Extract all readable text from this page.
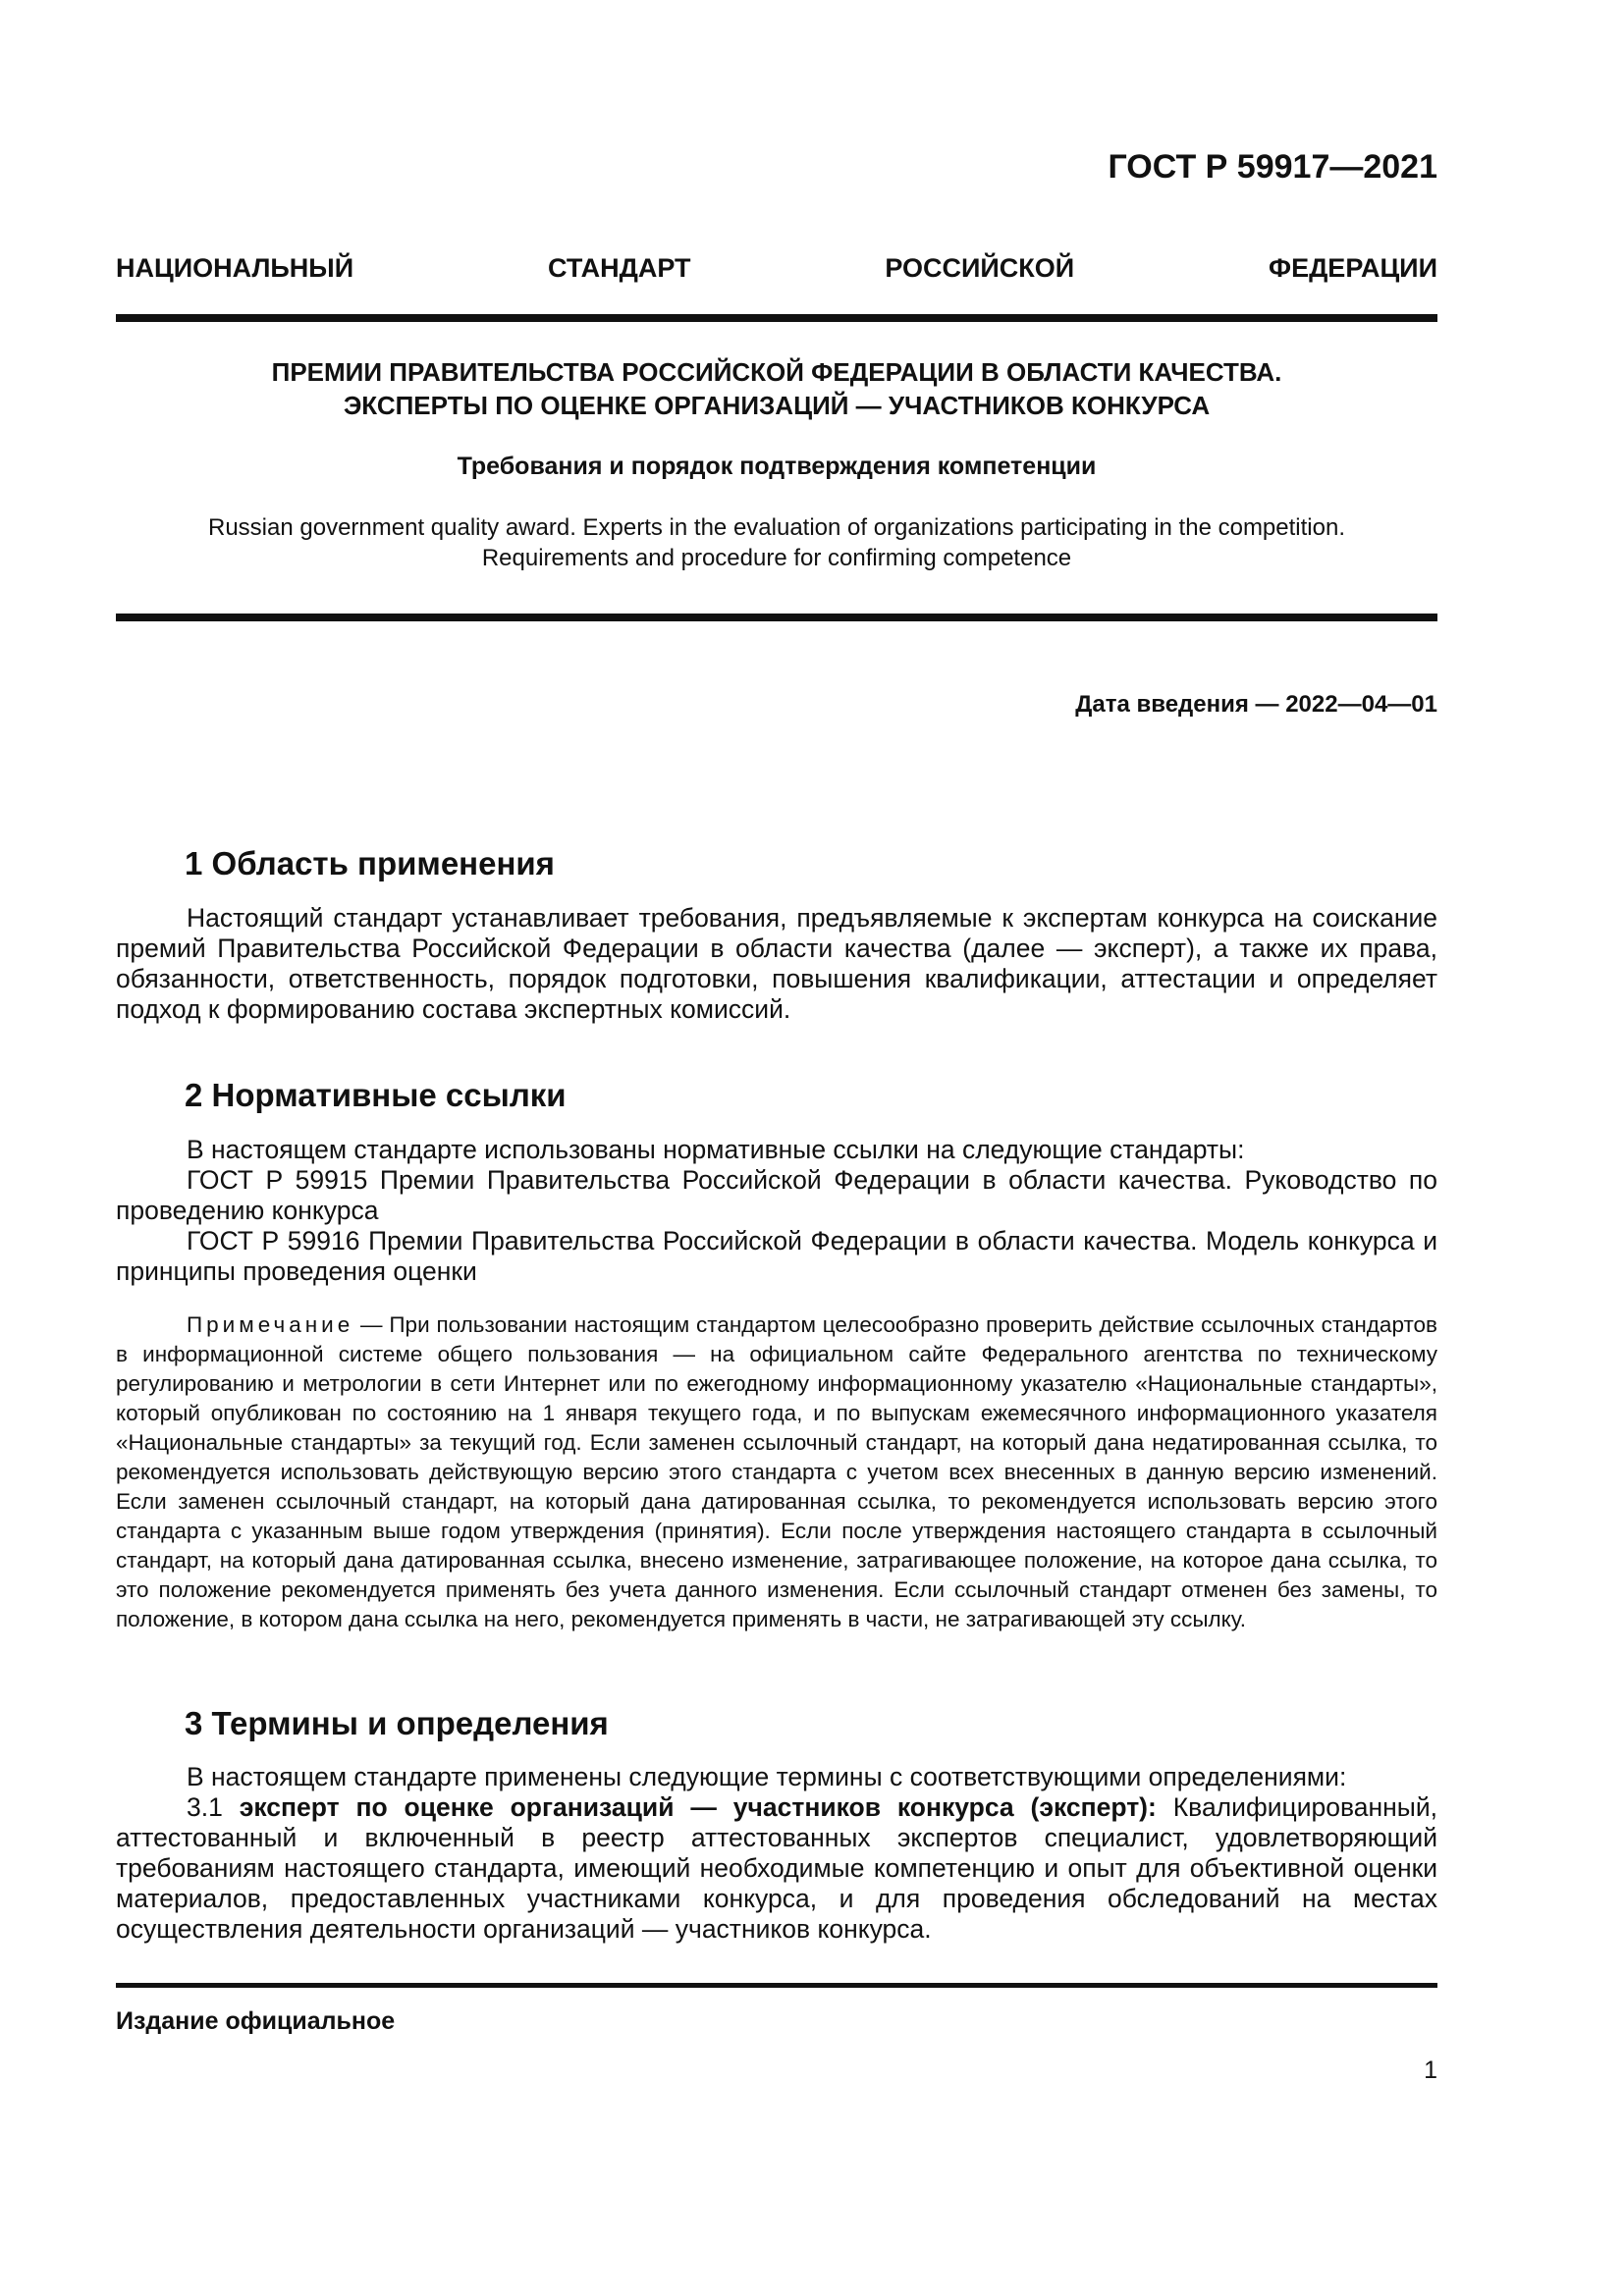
ГОСТ Р 59917—2021
НАЦИОНАЛЬНЫЙ СТАНДАРТ РОССИЙСКОЙ ФЕДЕРАЦИИ
ПРЕМИИ ПРАВИТЕЛЬСТВА РОССИЙСКОЙ ФЕДЕРАЦИИ В ОБЛАСТИ КАЧЕСТВА.
ЭКСПЕРТЫ ПО ОЦЕНКЕ ОРГАНИЗАЦИЙ — УЧАСТНИКОВ КОНКУРСА
Требования и порядок подтверждения компетенции
Russian government quality award. Experts in the evaluation of organizations participating in the competition.
Requirements and procedure for confirming competence
Дата введения — 2022—04—01
1 Область применения

Настоящий стандарт устанавливает требования, предъявляемые к экспертам конкурса на соискание премий Правительства Российской Федерации в области качества (далее — эксперт), а также их права, обязанности, ответственность, порядок подготовки, повышения квалификации, аттестации и определяет подход к формированию состава экспертных комиссий.

2 Нормативные ссылки

В настоящем стандарте использованы нормативные ссылки на следующие стандарты:

ГОСТ Р 59915 Премии Правительства Российской Федерации в области качества. Руководство по проведению конкурса

ГОСТ Р 59916 Премии Правительства Российской Федерации в области качества. Модель конкурса и принципы проведения оценки

Примечание — При пользовании настоящим стандартом целесообразно проверить действие ссылочных стандартов в информационной системе общего пользования — на официальном сайте Федерального агентства по техническому регулированию и метрологии в сети Интернет или по ежегодному информационному указателю «Национальные стандарты», который опубликован по состоянию на 1 января текущего года, и по выпускам ежемесячного информационного указателя «Национальные стандарты» за текущий год. Если заменен ссылочный стандарт, на который дана недатированная ссылка, то рекомендуется использовать действующую версию этого стандарта с учетом всех внесенных в данную версию изменений. Если заменен ссылочный стандарт, на который дана датированная ссылка, то рекомендуется использовать версию этого стандарта с указанным выше годом утверждения (принятия). Если после утверждения настоящего стандарта в ссылочный стандарт, на который дана датированная ссылка, внесено изменение, затрагивающее положение, на которое дана ссылка, то это положение рекомендуется применять без учета данного изменения. Если ссылочный стандарт отменен без замены, то положение, в котором дана ссылка на него, рекомендуется применять в части, не затрагивающей эту ссылку.
3 Термины и определения

В настоящем стандарте применены следующие термины с соответствующими определениями:

3.1 эксперт по оценке организаций — участников конкурса (эксперт): Квалифицированный, аттестованный и включенный в реестр аттестованных экспертов специалист, удовлетворяющий требованиям настоящего стандарта, имеющий необходимые компетенцию и опыт для объективной оценки материалов, предоставленных участниками конкурса, и для проведения обследований на местах осуществления деятельности организаций — участников конкурса.

Издание официальное
1
